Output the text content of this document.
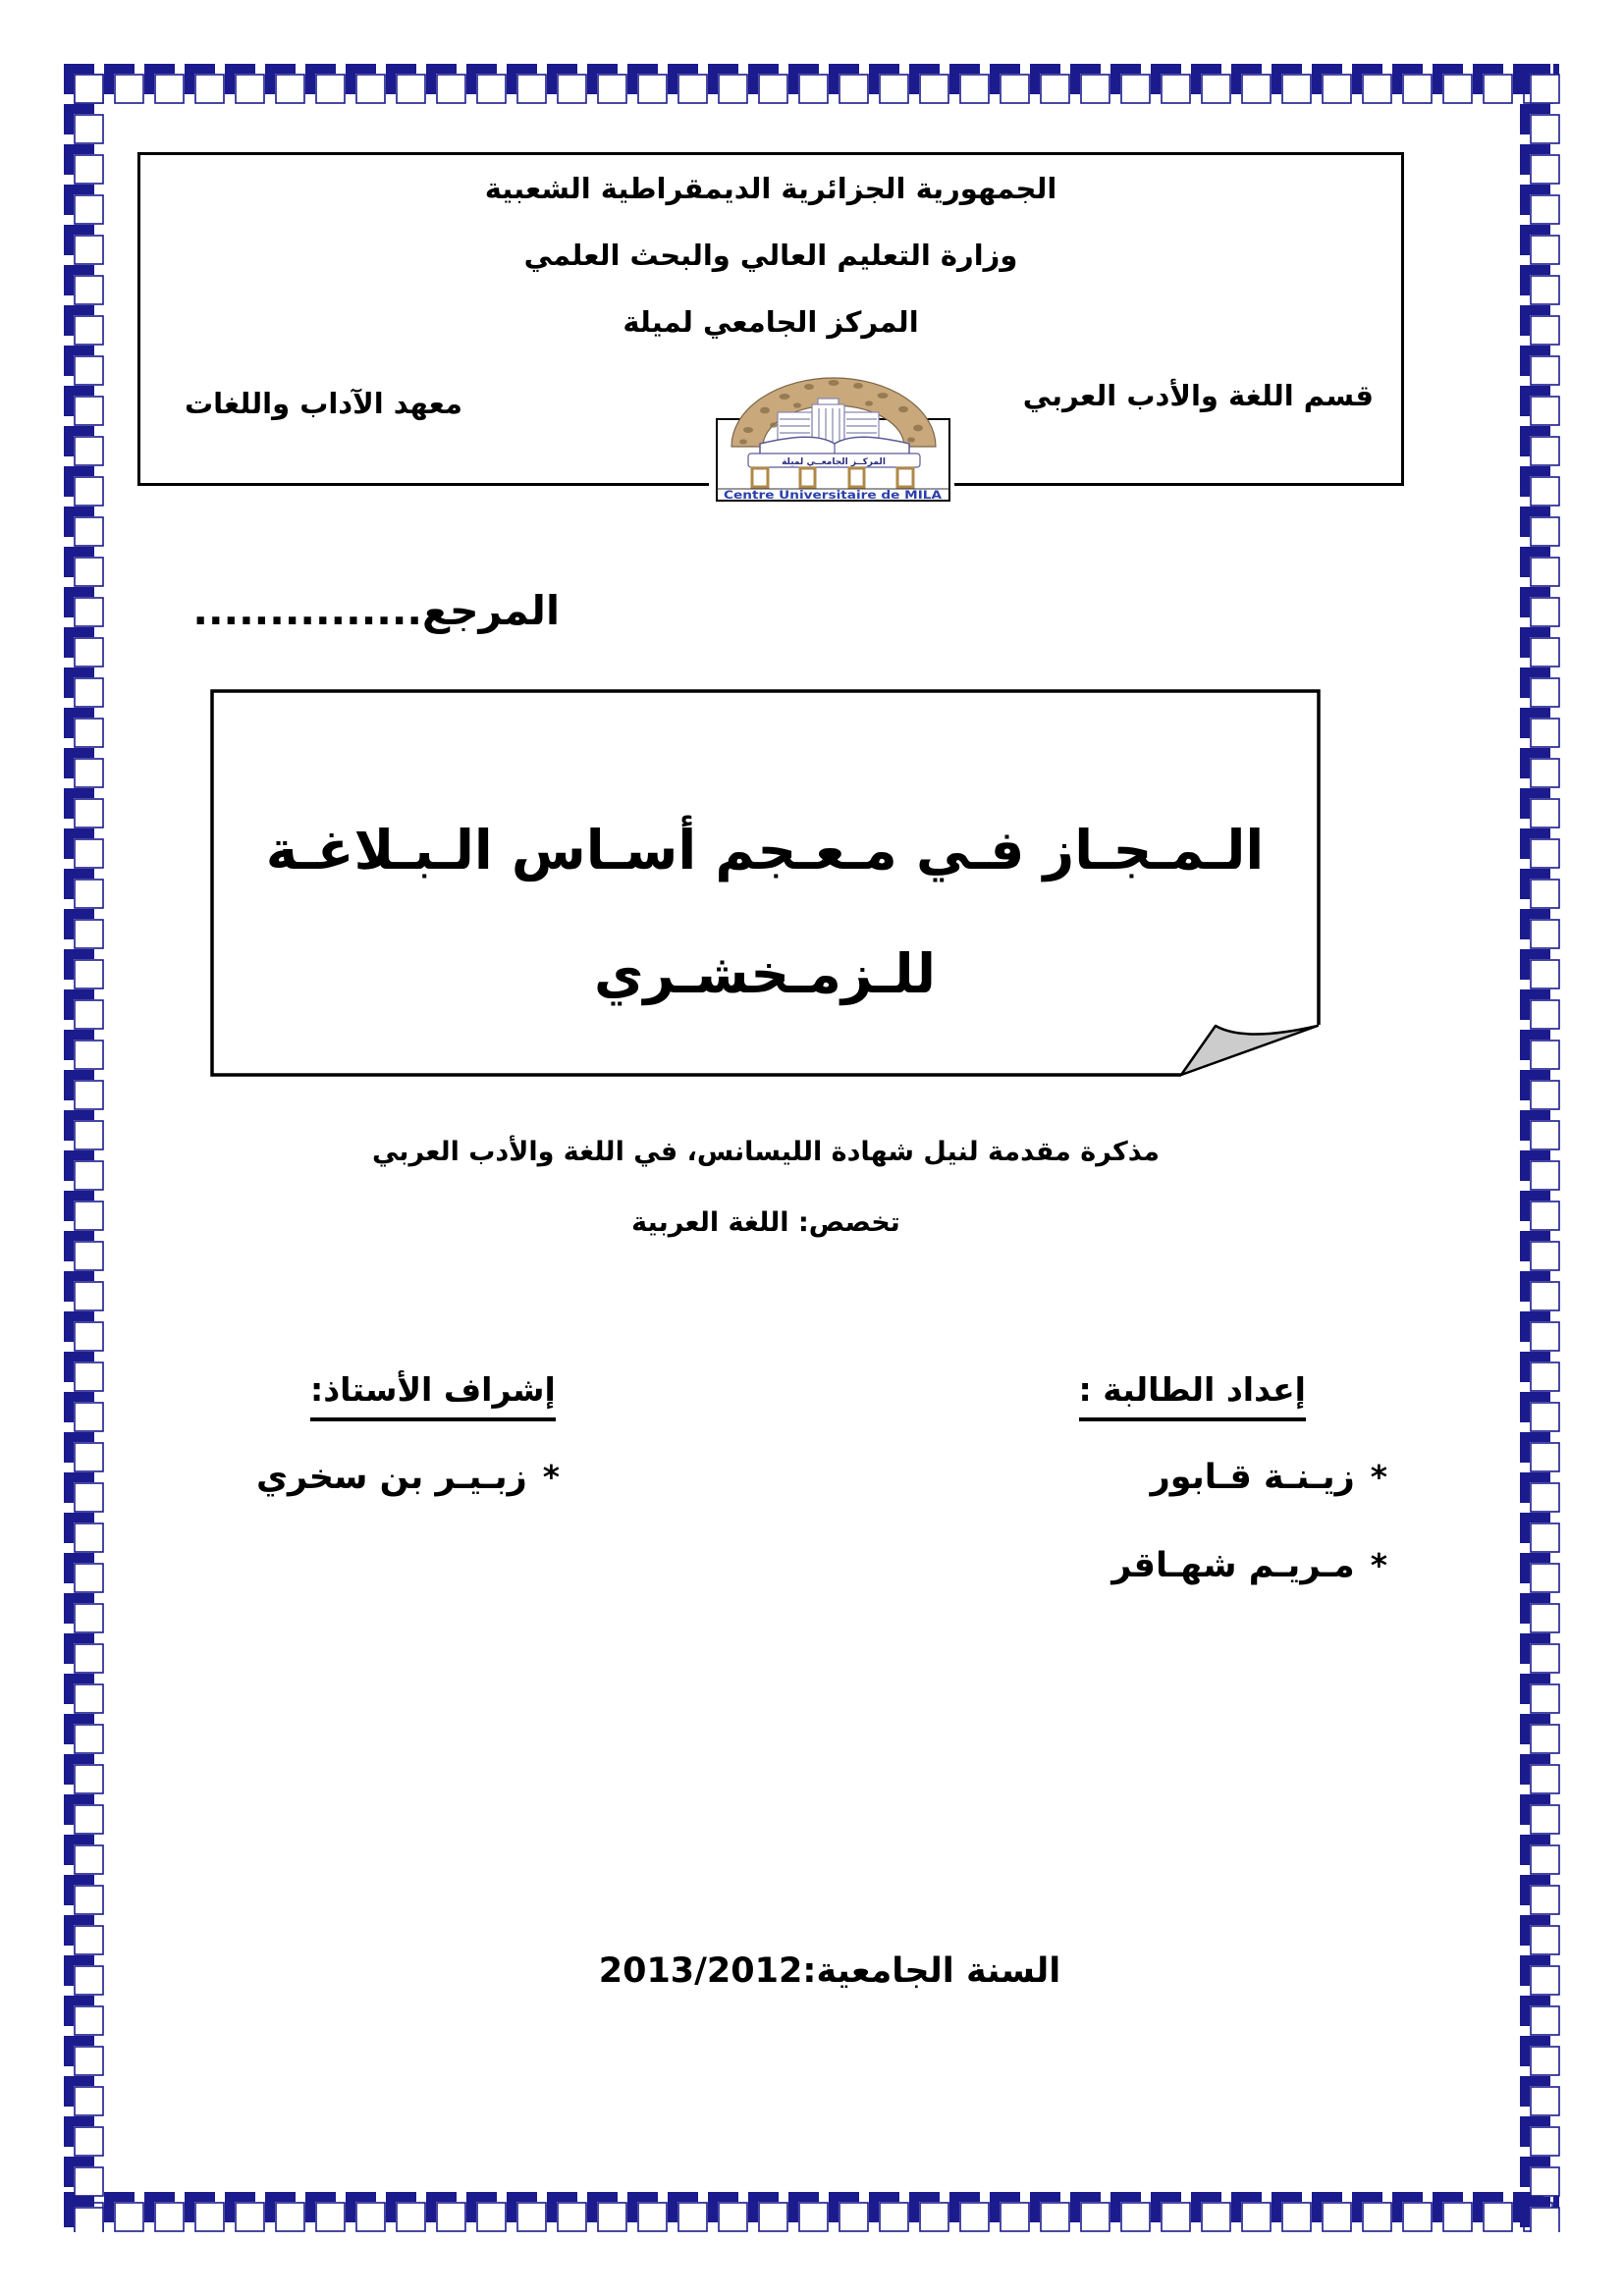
الجمهورية الجزائرية الديمقراطية الشعبية
وزارة التعليم العالي والبحث العلمي
المركز الجامعي لميلة
قسم اللغة والأدب العربي
معهد الآداب واللغات
المركــز الجامعــي لميلة
Centre Universitaire de MILA
المرجع...............
الـمـجـاز فـي مـعـجم أسـاس الـبـلاغـة
للـزمـخشـري
مذكرة مقدمة لنيل شهادة الليسانس، في اللغة والأدب العربي
تخصص: اللغة العربية
إعداد الطالبة :
*
زيـنـة قـابور
*
مـريـم شهـاقر
إشراف الأستاذ:
*
زبـيـر بن سخري
السنة الجامعية:2013/2012
